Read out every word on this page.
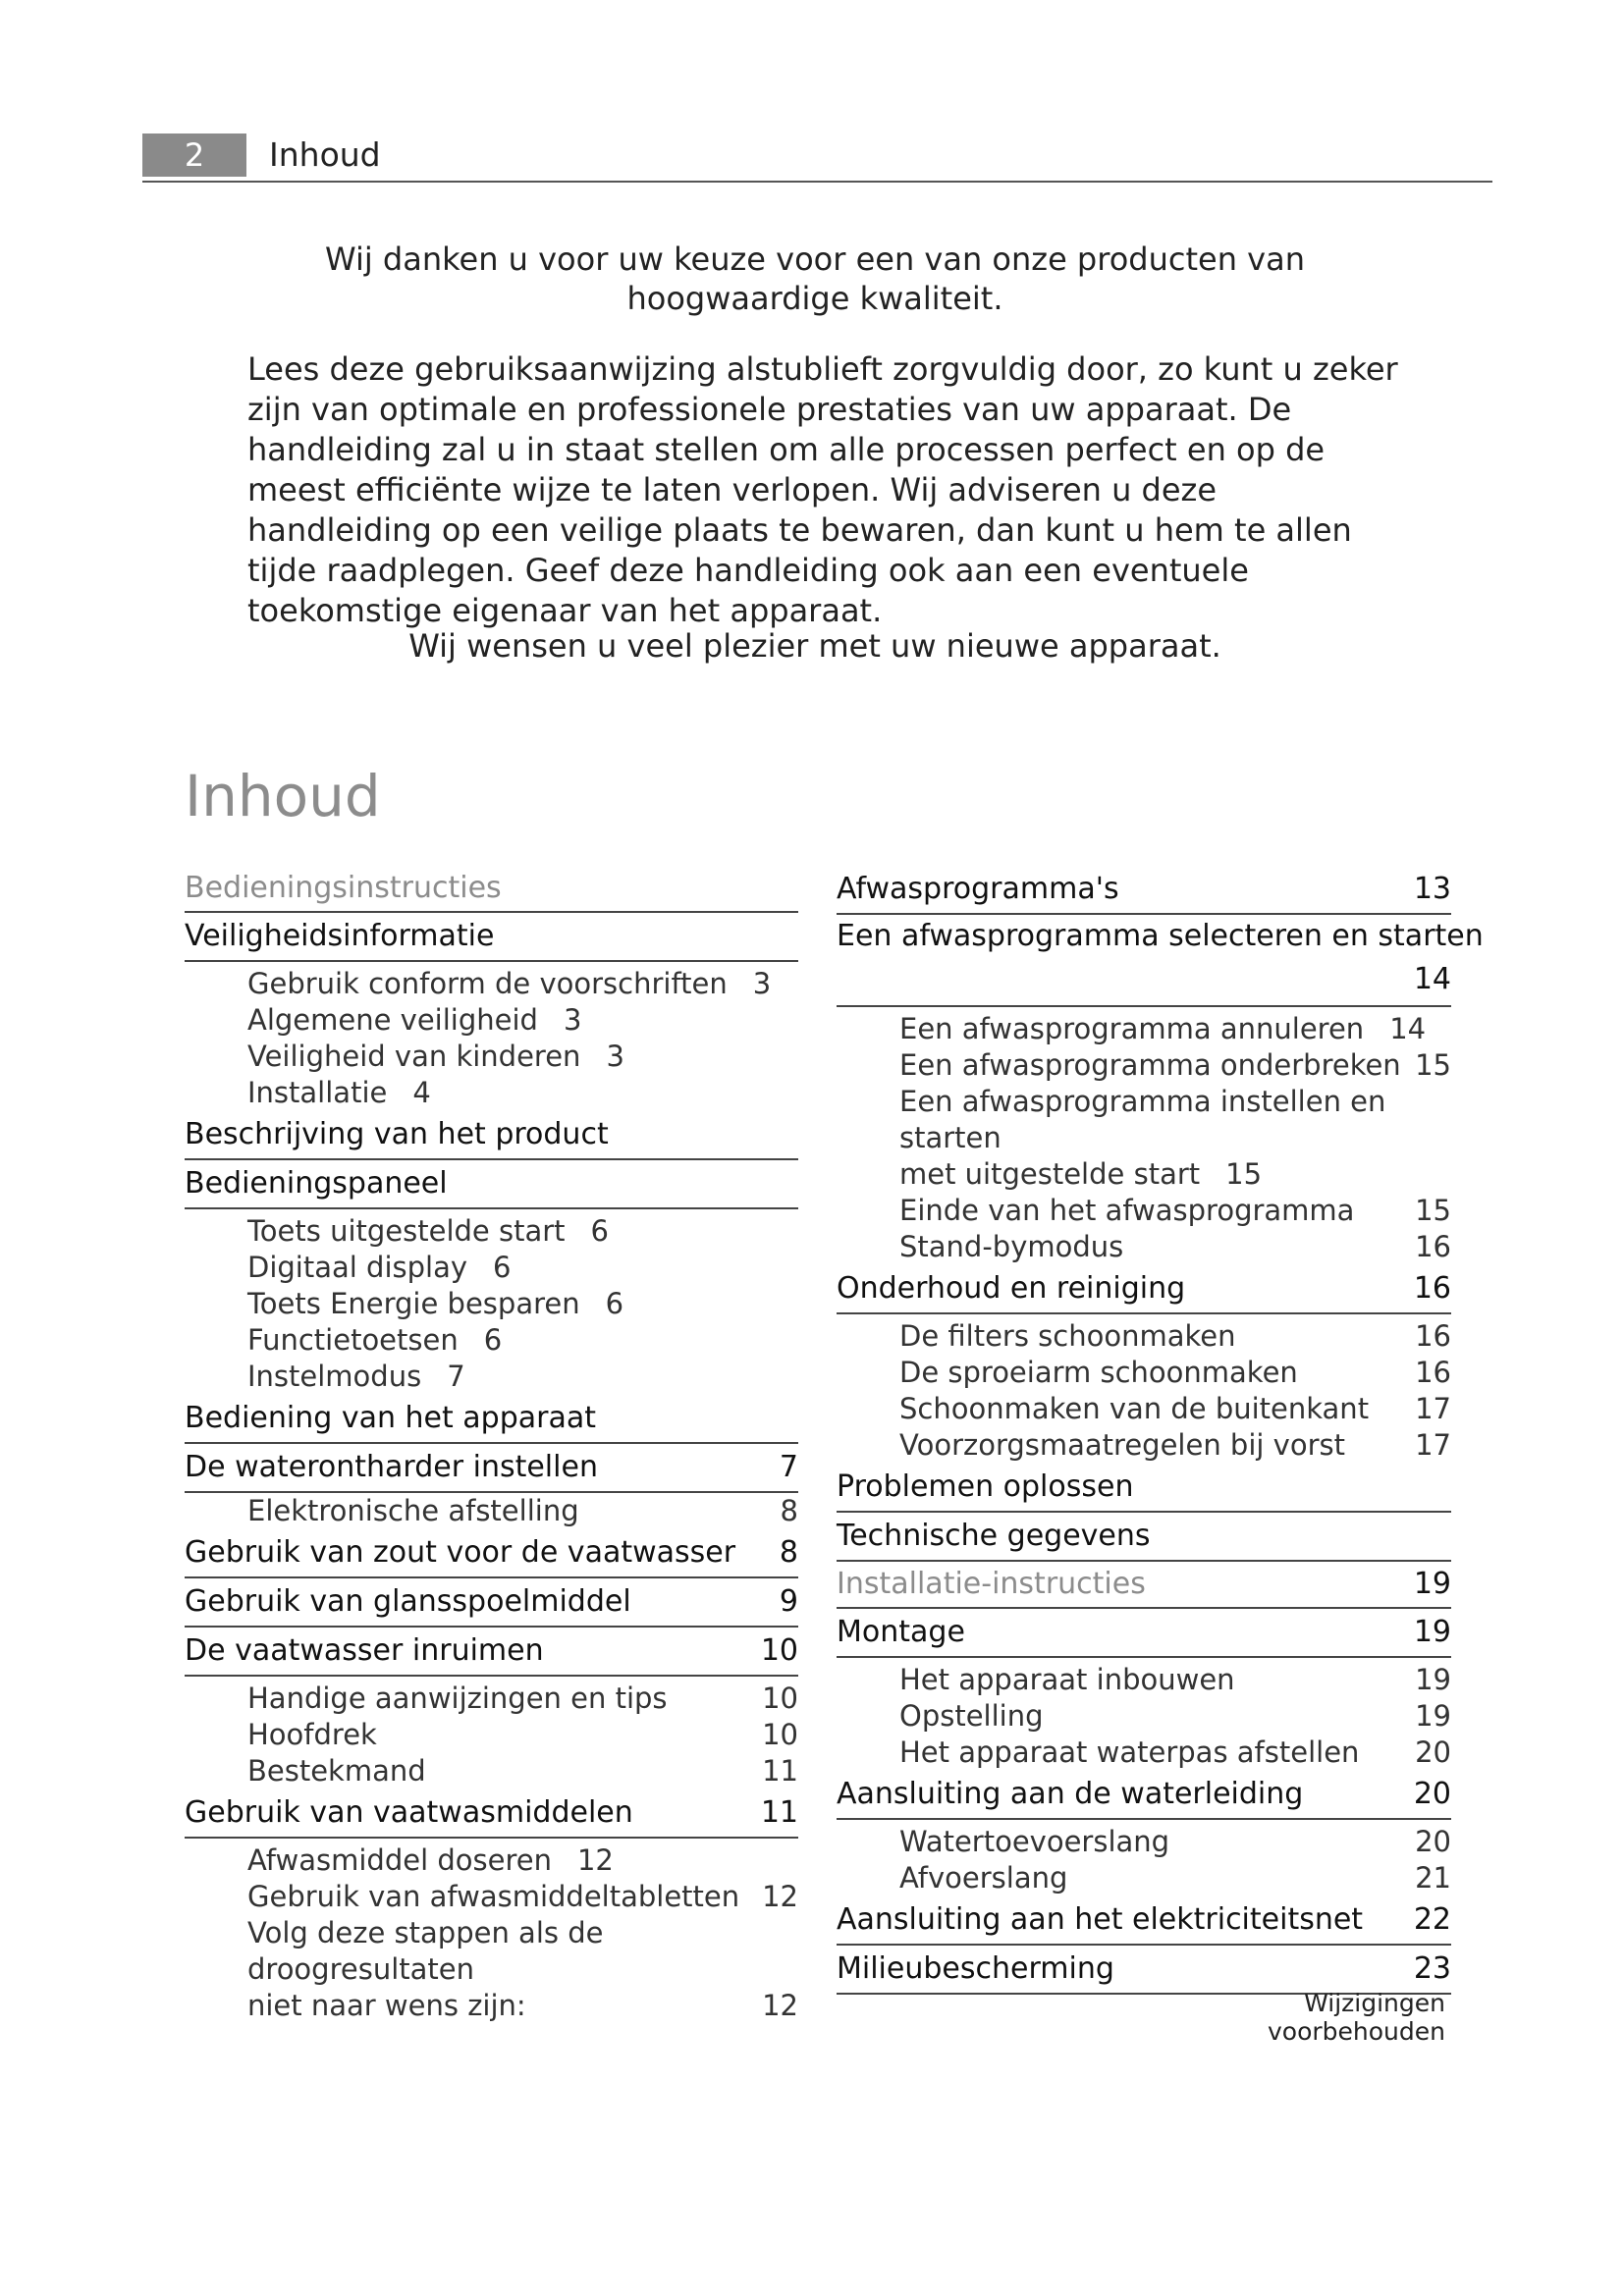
2	Inhoud
Wij danken u voor uw keuze voor een van onze producten van hoogwaardige kwaliteit.
Lees deze gebruiksaanwijzing alstublieft zorgvuldig door, zo kunt u zeker zijn van optimale en professionele prestaties van uw apparaat. De handleiding zal u in staat stellen om alle processen perfect en op de meest efficiënte wijze te laten verlopen. Wij adviseren u deze handleiding op een veilige plaats te bewaren, dan kunt u hem te allen tijde raadplegen. Geef deze handleiding ook aan een eventuele toekomstige eigenaar van het apparaat.
Wij wensen u veel plezier met uw nieuwe apparaat.
Inhoud
Bedieningsinstructies
Veiligheidsinformatie
Gebruik conform de voorschriften 3
Algemene veiligheid 3
Veiligheid van kinderen 3
Installatie 4
Beschrijving van het product
Bedieningspaneel
Toets uitgestelde start 6
Digitaal display 6
Toets Energie besparen 6
Functietoetsen 6
Instelmodus 7
Bediening van het apparaat
De waterontharder instellen	7
Elektronische afstelling	8
Gebruik van zout voor de vaatwasser	8
Gebruik van glansspoelmiddel	9
De vaatwasser inruimen	10
Handige aanwijzingen en tips	10
Hoofdrek	10
Bestekmand	11
Gebruik van vaatwasmiddelen	11
Afwasmiddel doseren 12
Gebruik van afwasmiddeltabletten 12
Volg deze stappen als de droogresultaten
niet naar wens zijn:	12
Afwasprogramma's	13
Een afwasprogramma selecteren en starten
14
Een afwasprogramma annuleren 14
Een afwasprogramma onderbreken 15
Een afwasprogramma instellen en starten
met uitgestelde start 15
Einde van het afwasprogramma	15
Stand-bymodus	16
Onderhoud en reiniging	16
De filters schoonmaken	16
De sproeiarm schoonmaken	16
Schoonmaken van de buitenkant	17
Voorzorgsmaatregelen bij vorst	17
Problemen oplossen
Technische gegevens
Installatie-instructies	19
Montage	19
Het apparaat inbouwen	19
Opstelling	19
Het apparaat waterpas afstellen	20
Aansluiting aan de waterleiding	20
Watertoevoerslang	20
Afvoerslang	21
Aansluiting aan het elektriciteitsnet	22
Milieubescherming	23
Wijzigingen voorbehouden
